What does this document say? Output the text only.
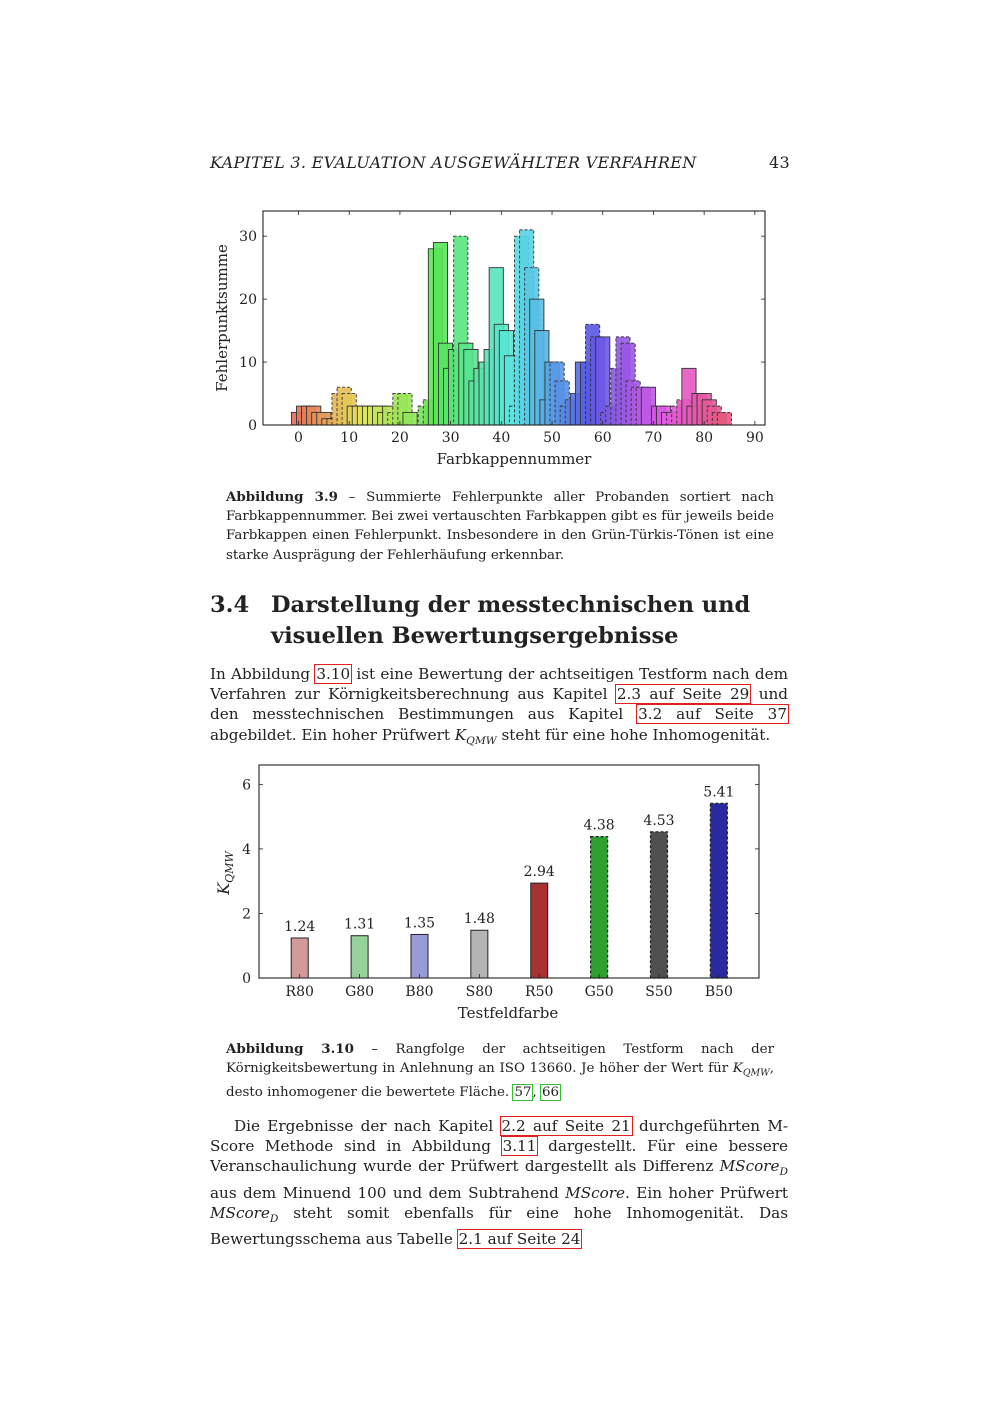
KAPITEL 3. EVALUATION AUSGEWÄHLTER VERFAHREN	43
0	10 20 30 40 50 60 70 80 90
0
10
20
30
Farbkappennummer
Fehlerpunktsumme
Abbildung 3.9 – Summierte Fehlerpunkte aller Probanden sortiert nach Farbkappennummer. Bei zwei vertauschten Farbkappen gibt es für jeweils beide Farbkappen einen Fehlerpunkt. Insbesondere in den Grün-Türkis-Tönen ist eine starke Ausprägung der Fehlerhäufung erkennbar.
3.4 Darstellung der messtechnischen und visuellen Bewertungsergebnisse
In Abbildung 3.10 ist eine Bewertung der achtseitigen Testform nach dem Verfahren zur Körnigkeitsberechnung aus Kapitel 2.3 auf Seite 29 und den messtechnischen Bestimmungen aus Kapitel 3.2 auf Seite 37 abgebildet. Ein hoher Prüfwert $K_{QMW}$ steht für eine hohe Inhomogenität.
1.24 1.31 1.35 1.48
2.94
4.38 4.53
5.41
R80 G80 B80 S80 R50 G50 S50 B50
0
2
4
6
Testfeldfarbe
$K_{QMW}$
Abbildung 3.10 – Rangfolge der achtseitigen Testform nach der Körnigkeitsbewertung in Anlehnung an ISO 13660. Je höher der Wert für $K_{QMW}$, desto inhomogener die bewertete Fläche. 57, 66
Die Ergebnisse der nach Kapitel 2.2 auf Seite 21 durchgeführten M-Score Methode sind in Abbildung 3.11 dargestellt. Für eine bessere Veranschaulichung wurde der Prüfwert dargestellt als Differenz MScore$_D$ aus dem Minuend 100 und dem Subtrahend MScore. Ein hoher Prüfwert MScore$_D$ steht somit ebenfalls für eine hohe Inhomogenität. Das Bewertungsschema aus Tabelle 2.1 auf Seite 24
